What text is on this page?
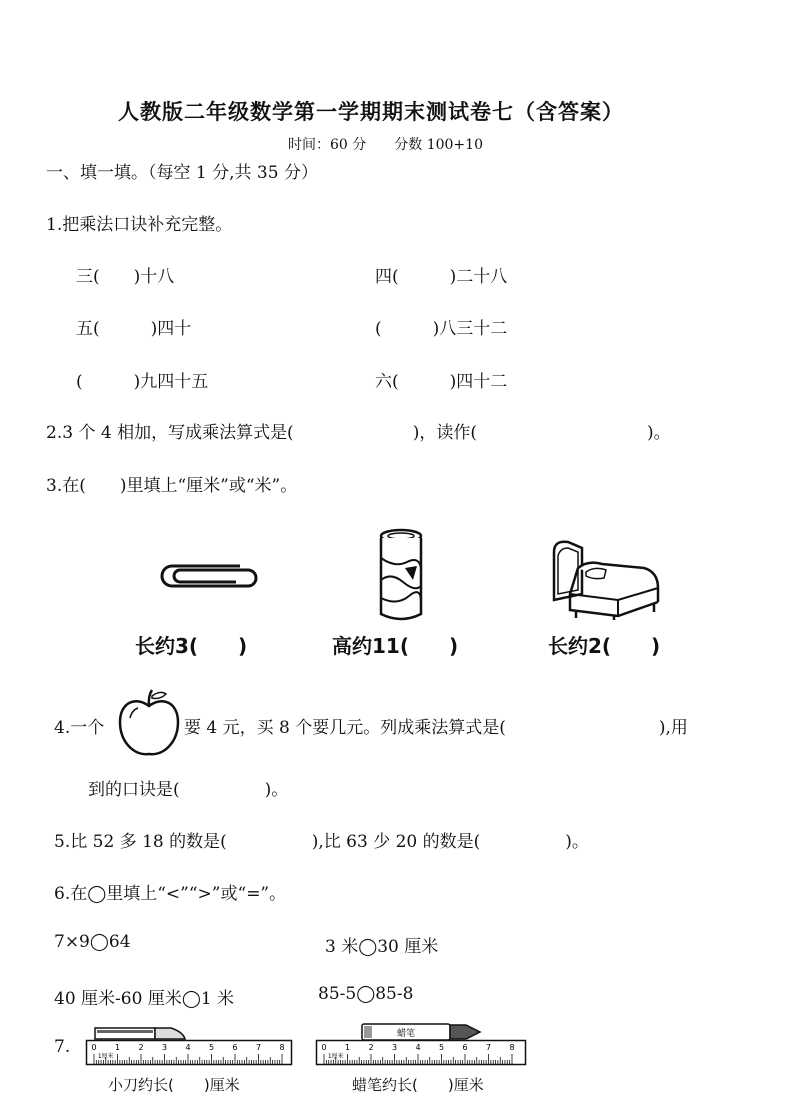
人教版二年级数学第一学期期末测试卷七（含答案）
时间：60 分　　分数 100+10
一、填一填。（每空 1 分,共 35 分）
1.把乘法口诀补充完整。
三(　　)十八	四(　　　)二十八
五(　　　)四十	(　　　)八三十二
(　　　)九四十五	六(　　　)四十二
2.3 个 4 相加，写成乘法算式是(　　　　　　　)，读作(　　　　　　　　　　)。
3.在(　　)里填上“厘米”或“米”。
长约3(　　)	高约11(　　)	长约2(　　)
4.一个	要 4 元，买 8 个要几元。列成乘法算式是(　　　　　　　　　),用
到的口诀是(　　　　　)。
5.比 52 多 18 的数是(　　　　　),比 63 少 20 的数是(　　　　　)。
6.在◯里填上“<”“>”或“=”。
7×9◯64	3 米◯30 厘米
40 厘米-60 厘米◯1 米	85-5◯85-8
7.	0 1 2 3 4 5 6 7 8
1厘米
小刀约长(　　)厘米
蜡笔
0 1 2 3 4 5 6 7 8
1厘米
蜡笔约长(　　)厘米
